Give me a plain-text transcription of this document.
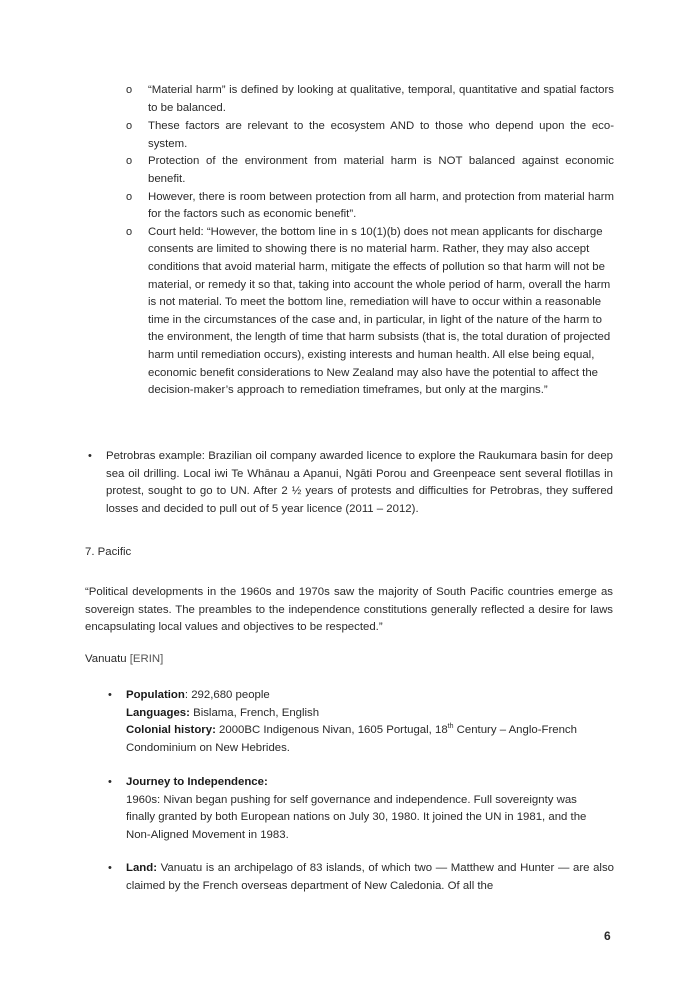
o “Material harm” is defined by looking at qualitative, temporal, quantitative and spatial factors to be balanced.
o These factors are relevant to the ecosystem AND to those who depend upon the eco-system.
o Protection of the environment from material harm is NOT balanced against economic benefit.
o However, there is room between protection from all harm, and protection from material harm for the factors such as economic benefit”.
o Court held: “However, the bottom line in s 10(1)(b) does not mean applicants for discharge consents are limited to showing there is no material harm. Rather, they may also accept conditions that avoid material harm, mitigate the effects of pollution so that harm will not be material, or remedy it so that, taking into account the whole period of harm, overall the harm is not material. To meet the bottom line, remediation will have to occur within a reasonable time in the circumstances of the case and, in particular, in light of the nature of the harm to the environment, the length of time that harm subsists (that is, the total duration of projected harm until remediation occurs), existing interests and human health. All else being equal, economic benefit considerations to New Zealand may also have the potential to affect the decision-maker’s approach to remediation timeframes, but only at the margins.”
• Petrobras example: Brazilian oil company awarded licence to explore the Raukumara basin for deep sea oil drilling. Local iwi Te Whānau a Apanui, Ngāti Porou and Greenpeace sent several flotillas in protest, sought to go to UN. After 2 ½ years of protests and difficulties for Petrobras, they suffered losses and decided to pull out of 5 year licence (2011 – 2012).

7. Pacific

“Political developments in the 1960s and 1970s saw the majority of South Pacific countries emerge as sovereign states. The preambles to the independence constitutions generally reflected a desire for laws encapsulating local values and objectives to be respected.”

Vanuatu [ERIN]

• Population: 292,680 people

Languages: Bislama, French, English

Colonial history: 2000BC Indigenous Nivan, 1605 Portugal, 18th Century – Anglo-French Condominium on New Hebrides.

• Journey to Independence:

1960s: Nivan began pushing for self governance and independence. Full sovereignty was finally granted by both European nations on July 30, 1980. It joined the UN in 1981, and the Non-Aligned Movement in 1983.

• Land: Vanuatu is an archipelago of 83 islands, of which two — Matthew and Hunter — are also claimed by the French overseas department of New Caledonia. Of all the

6
